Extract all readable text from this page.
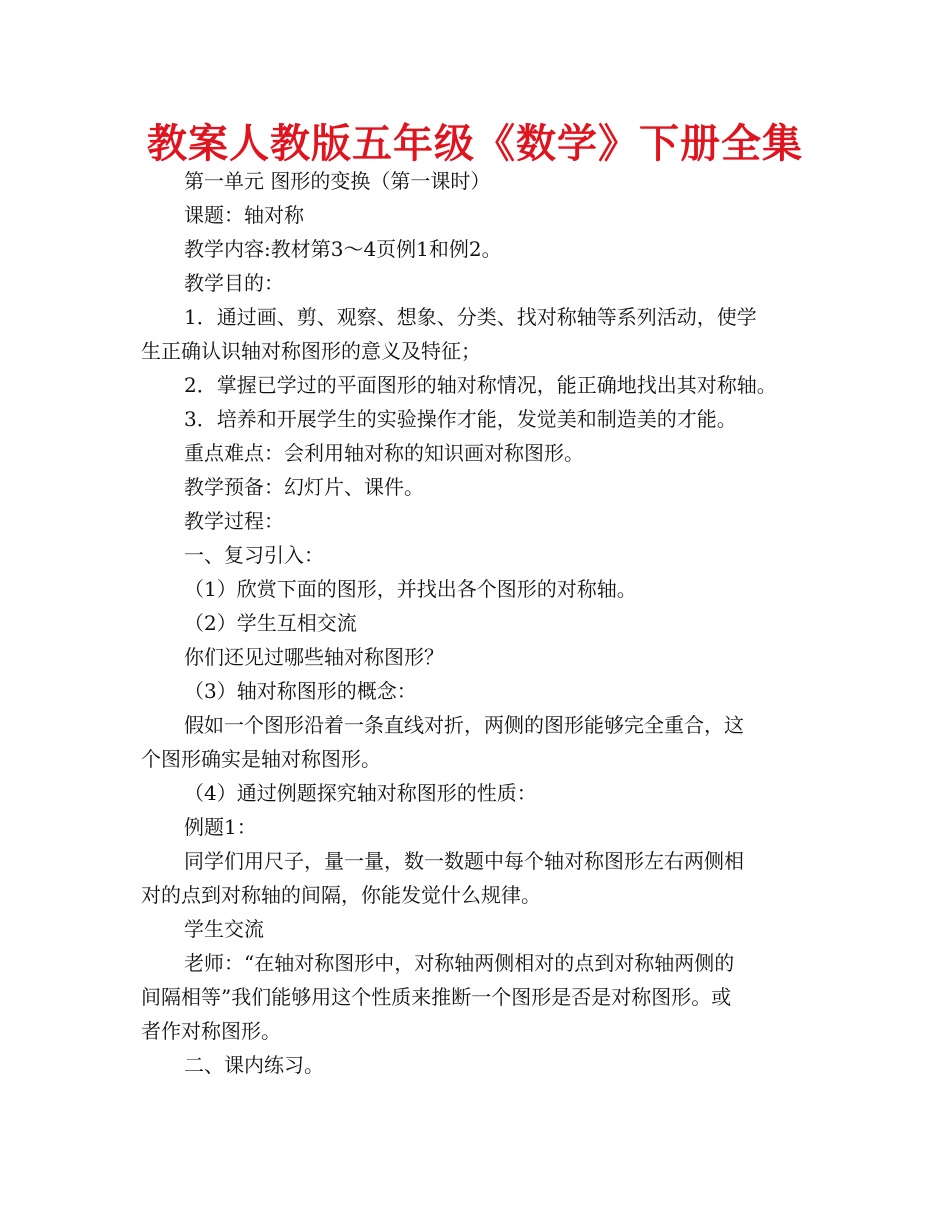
教案人教版五年级《数学》下册全集
第一单元 图形的变换（第一课时）
课题：轴对称
教学内容:教材第3～4页例1和例2。
教学目的：
1．通过画、剪、观察、想象、分类、找对称轴等系列活动，使学
生正确认识轴对称图形的意义及特征；
2．掌握已学过的平面图形的轴对称情况，能正确地找出其对称轴。
3．培养和开展学生的实验操作才能，发觉美和制造美的才能。
重点难点：会利用轴对称的知识画对称图形。
教学预备：幻灯片、课件。
教学过程：
一、复习引入：
（1）欣赏下面的图形，并找出各个图形的对称轴。
（2）学生互相交流
你们还见过哪些轴对称图形？
（3）轴对称图形的概念：
假如一个图形沿着一条直线对折，两侧的图形能够完全重合，这
个图形确实是轴对称图形。
（4）通过例题探究轴对称图形的性质：
例题1：
同学们用尺子，量一量，数一数题中每个轴对称图形左右两侧相
对的点到对称轴的间隔，你能发觉什么规律。
学生交流
老师：“在轴对称图形中，对称轴两侧相对的点到对称轴两侧的
间隔相等”我们能够用这个性质来推断一个图形是否是对称图形。或
者作对称图形。
二、课内练习。
